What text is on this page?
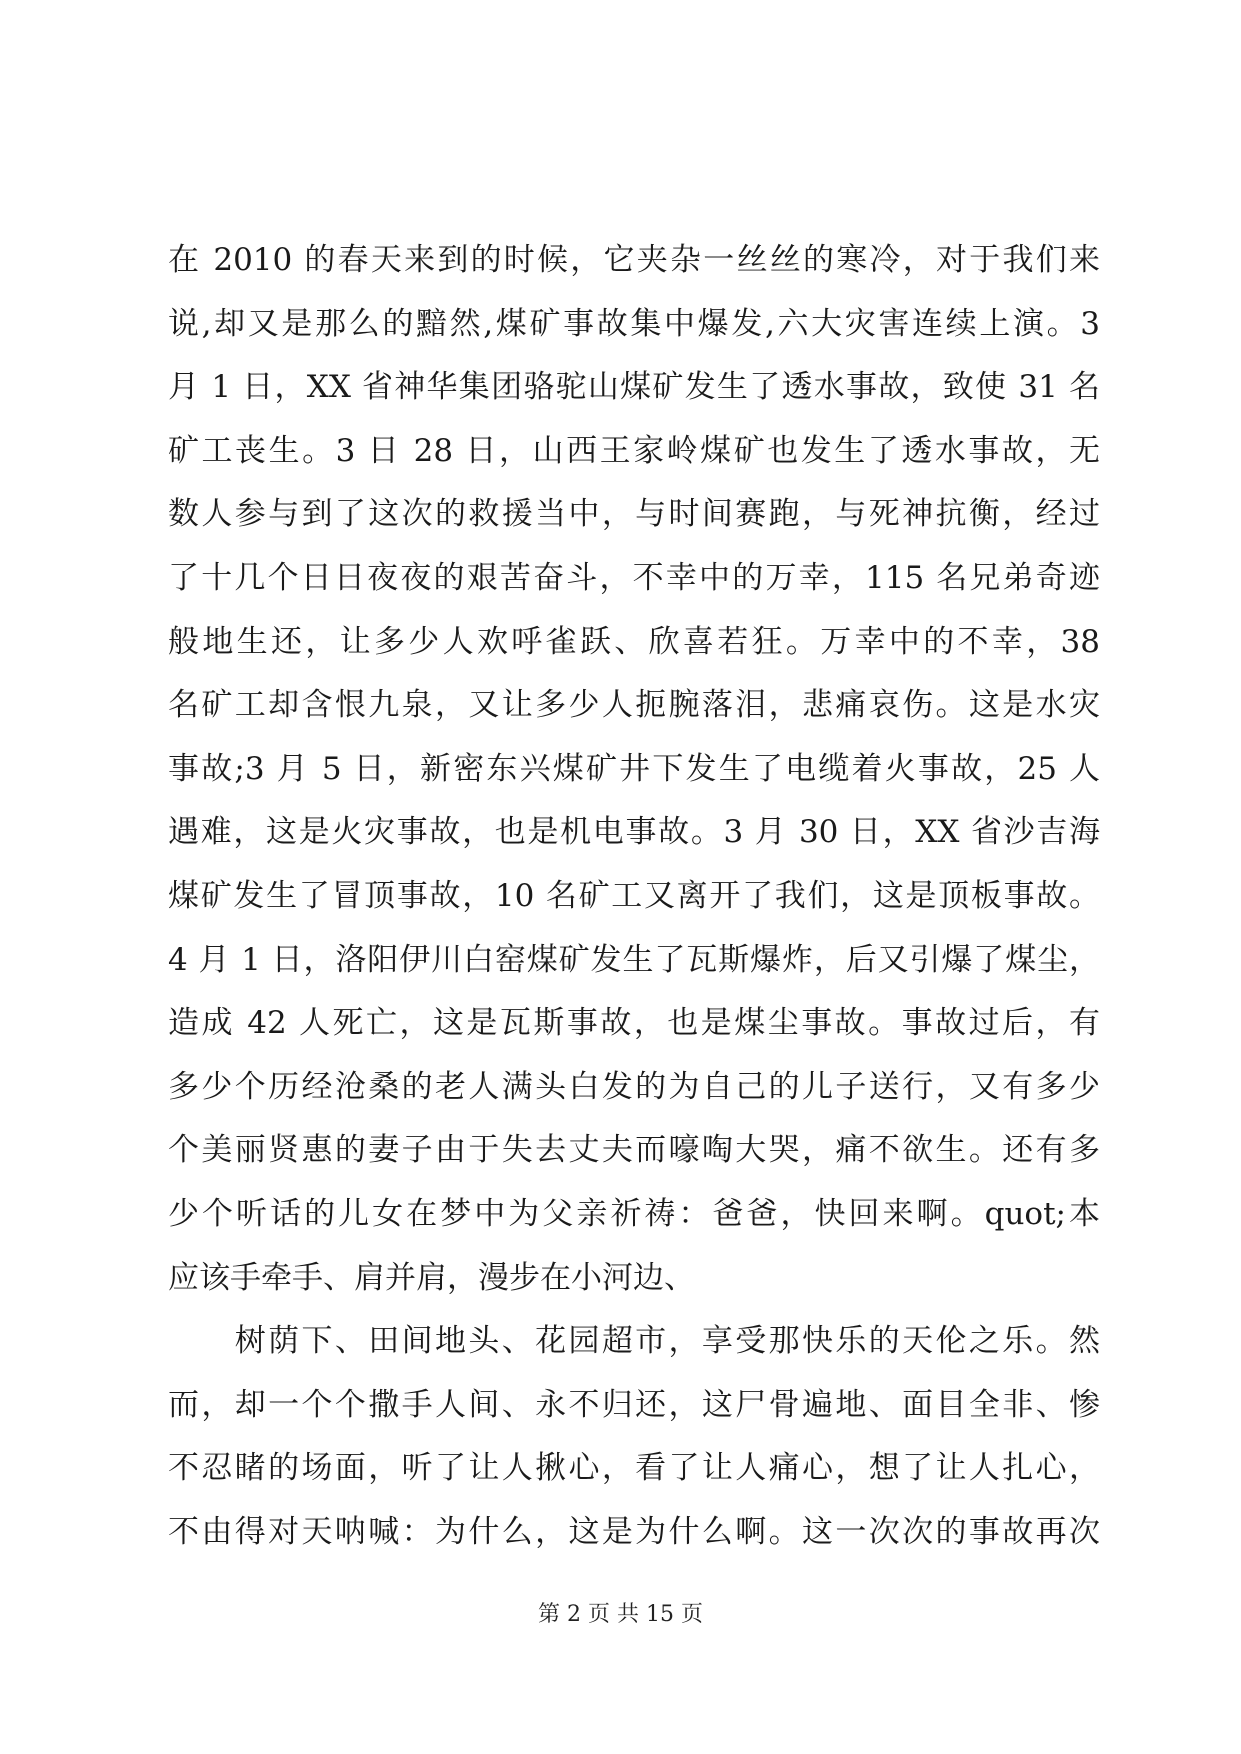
在 2010 的春天来到的时候，它夹杂一丝丝的寒冷，对于我们来
说,却又是那么的黯然,煤矿事故集中爆发,六大灾害连续上演。3
月 1 日，XX 省神华集团骆驼山煤矿发生了透水事故，致使 31 名
矿工丧生。3 日 28 日，山西王家岭煤矿也发生了透水事故，无
数人参与到了这次的救援当中，与时间赛跑，与死神抗衡，经过
了十几个日日夜夜的艰苦奋斗，不幸中的万幸，115 名兄弟奇迹
般地生还，让多少人欢呼雀跃、欣喜若狂。万幸中的不幸，38
名矿工却含恨九泉，又让多少人扼腕落泪，悲痛哀伤。这是水灾
事故;3 月 5 日，新密东兴煤矿井下发生了电缆着火事故，25 人
遇难，这是火灾事故，也是机电事故。3 月 30 日，XX 省沙吉海
煤矿发生了冒顶事故，10 名矿工又离开了我们，这是顶板事故。
4 月 1 日，洛阳伊川白窑煤矿发生了瓦斯爆炸，后又引爆了煤尘，
造成 42 人死亡，这是瓦斯事故，也是煤尘事故。事故过后，有
多少个历经沧桑的老人满头白发的为自己的儿子送行，又有多少
个美丽贤惠的妻子由于失去丈夫而嚎啕大哭，痛不欲生。还有多
少个听话的儿女在梦中为父亲祈祷：爸爸，快回来啊。quot;本
应该手牵手、肩并肩，漫步在小河边、
　　树荫下、田间地头、花园超市，享受那快乐的天伦之乐。然
而，却一个个撒手人间、永不归还，这尸骨遍地、面目全非、惨
不忍睹的场面，听了让人揪心，看了让人痛心，想了让人扎心，
不由得对天呐喊：为什么，这是为什么啊。这一次次的事故再次
第 2 页 共 15 页
